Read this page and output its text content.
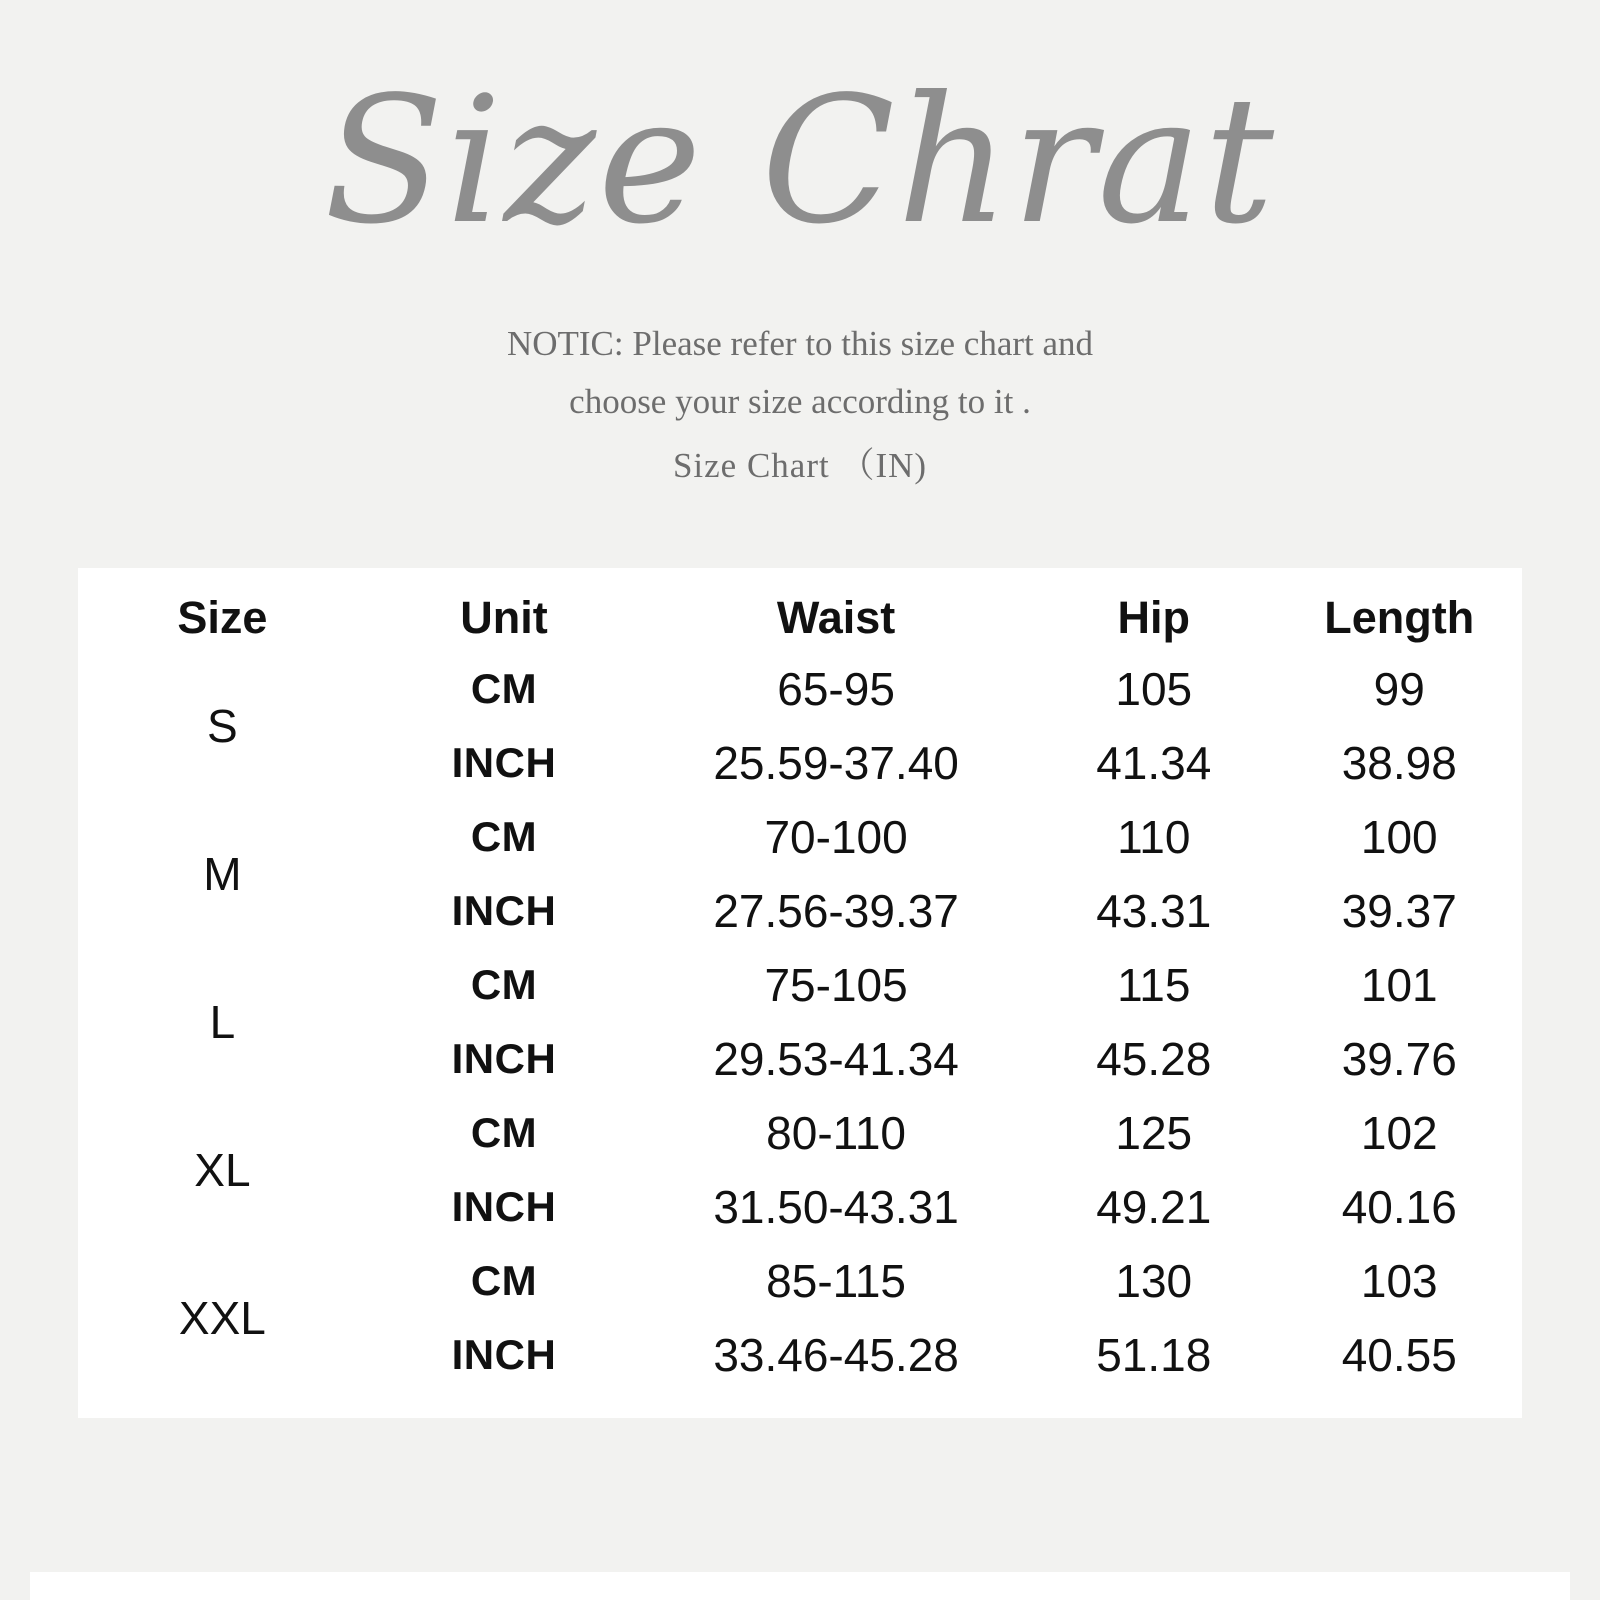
Size Chrat
NOTIC: Please refer to this size chart and
choose your size according to it .
Size Chart （IN)
Size	Unit	Waist	Hip	Length
S	CM	65-95	105	99
	INCH	25.59-37.40	41.34	38.98
M	CM	70-100	110	100
	INCH	27.56-39.37	43.31	39.37
L	CM	75-105	115	101
	INCH	29.53-41.34	45.28	39.76
XL	CM	80-110	125	102
	INCH	31.50-43.31	49.21	40.16
XXL	CM	85-115	130	103
	INCH	33.46-45.28	51.18	40.55
